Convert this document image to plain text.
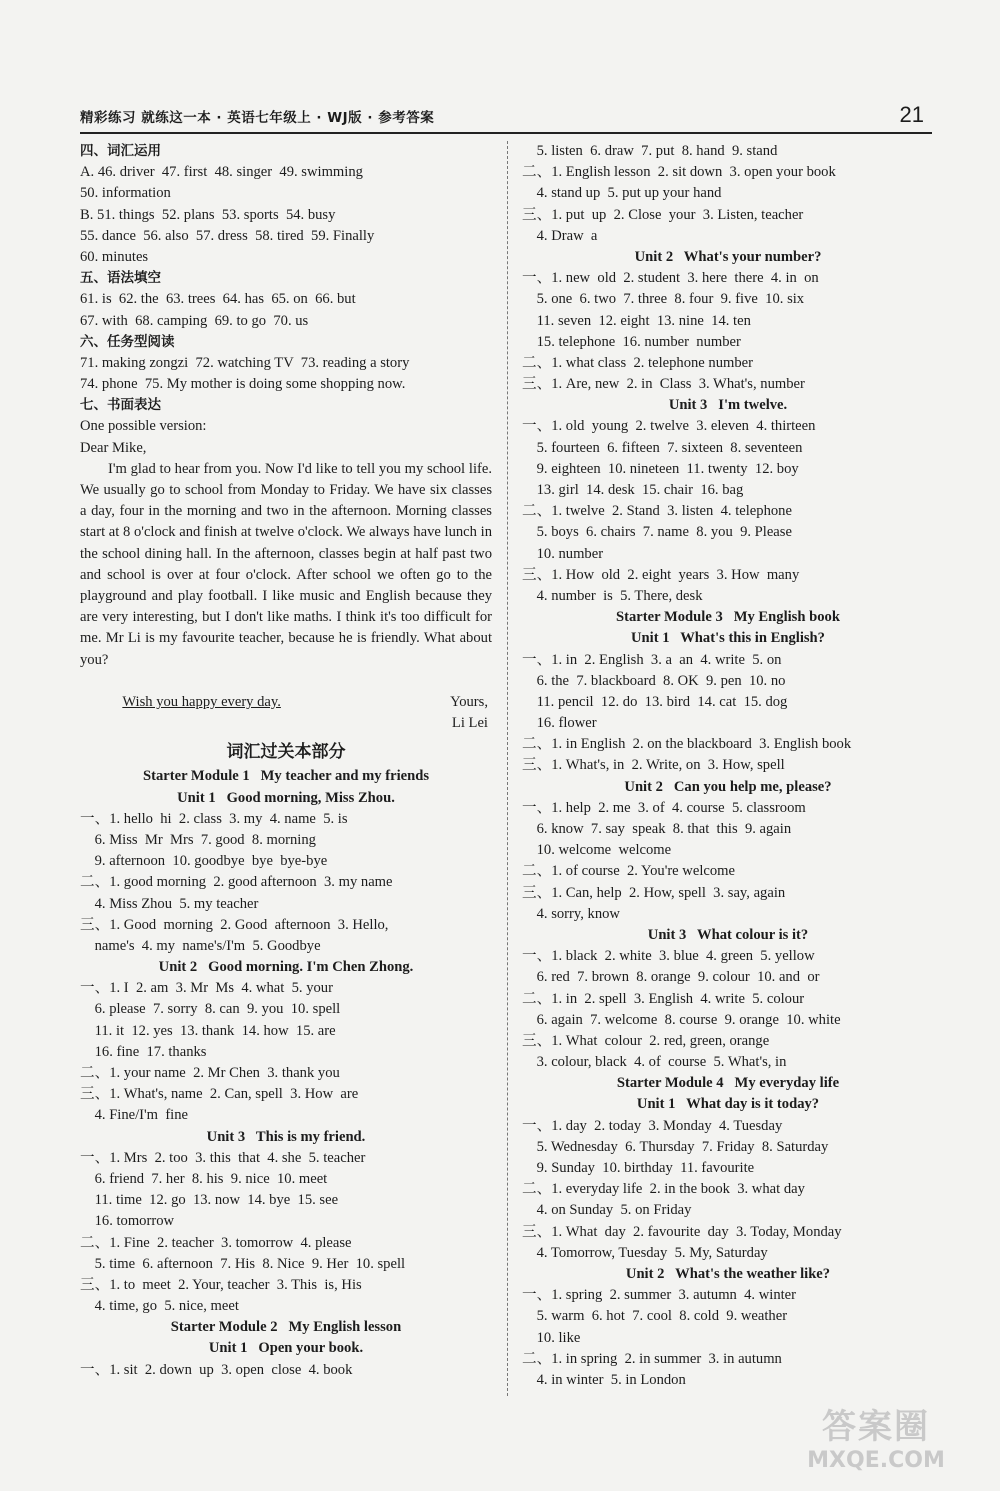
精彩练习 就练这一本 · 英语七年级上 · WJ版 · 参考答案	21
四、词汇运用
A. 46. driver  47. first  48. singer  49. swimming
50. information
B. 51. things  52. plans  53. sports  54. busy
55. dance  56. also  57. dress  58. tired  59. Finally
60. minutes
五、语法填空
61. is  62. the  63. trees  64. has  65. on  66. but
67. with  68. camping  69. to go  70. us
六、任务型阅读
71. making zongzi  72. watching TV  73. reading a story
74. phone  75. My mother is doing some shopping now.
七、书面表达
One possible version:
Dear Mike,
I'm glad to hear from you. Now I'd like to tell you my school life. We usually go to school from Monday to Friday. We have six classes a day, four in the morning and two in the afternoon. Morning classes start at 8 o'clock and finish at twelve o'clock. We always have lunch in the school dining hall. In the afternoon, classes begin at half past two and school is over at four o'clock. After school we often go to the playground and play football. I like music and English because they are very interesting, but I don't like maths. I think it's too difficult for me. Mr Li is my favourite teacher, because he is friendly. What about you?

Wish you happy every day.
	Yours,
Li Lei
词汇过关本部分
Starter Module 1   My teacher and my friends
Unit 1   Good morning, Miss Zhou.
一、1. hello  hi  2. class  3. my  4. name  5. is
6. Miss  Mr  Mrs  7. good  8. morning
9. afternoon  10. goodbye  bye  bye-bye
二、1. good morning  2. good afternoon  3. my name
4. Miss Zhou  5. my teacher
三、1. Good  morning  2. Good  afternoon  3. Hello,
name's  4. my  name's/I'm  5. Goodbye
Unit 2   Good morning. I'm Chen Zhong.
一、1. I  2. am  3. Mr  Ms  4. what  5. your
6. please  7. sorry  8. can  9. you  10. spell
11. it  12. yes  13. thank  14. how  15. are
16. fine  17. thanks
二、1. your name  2. Mr Chen  3. thank you
三、1. What's, name  2. Can, spell  3. How  are
4. Fine/I'm  fine
Unit 3   This is my friend.
一、1. Mrs  2. too  3. this  that  4. she  5. teacher
6. friend  7. her  8. his  9. nice  10. meet
11. time  12. go  13. now  14. bye  15. see
16. tomorrow
二、1. Fine  2. teacher  3. tomorrow  4. please
5. time  6. afternoon  7. His  8. Nice  9. Her  10. spell
三、1. to  meet  2. Your, teacher  3. This  is, His
4. time, go  5. nice, meet
Starter Module 2   My English lesson
Unit 1   Open your book.
一、1. sit  2. down  up  3. open  close  4. book
5. listen  6. draw  7. put  8. hand  9. stand
二、1. English lesson  2. sit down  3. open your book
4. stand up  5. put up your hand
三、1. put  up  2. Close  your  3. Listen, teacher
4. Draw  a
Unit 2   What's your number?
一、1. new  old  2. student  3. here  there  4. in  on
5. one  6. two  7. three  8. four  9. five  10. six
11. seven  12. eight  13. nine  14. ten
15. telephone  16. number  number
二、1. what class  2. telephone number
三、1. Are, new  2. in  Class  3. What's, number
Unit 3   I'm twelve.
一、1. old  young  2. twelve  3. eleven  4. thirteen
5. fourteen  6. fifteen  7. sixteen  8. seventeen
9. eighteen  10. nineteen  11. twenty  12. boy
13. girl  14. desk  15. chair  16. bag
二、1. twelve  2. Stand  3. listen  4. telephone
5. boys  6. chairs  7. name  8. you  9. Please
10. number
三、1. How  old  2. eight  years  3. How  many
4. number  is  5. There, desk
Starter Module 3   My English book
Unit 1   What's this in English?
一、1. in  2. English  3. a  an  4. write  5. on
6. the  7. blackboard  8. OK  9. pen  10. no
11. pencil  12. do  13. bird  14. cat  15. dog
16. flower
二、1. in English  2. on the blackboard  3. English book
三、1. What's, in  2. Write, on  3. How, spell
Unit 2   Can you help me, please?
一、1. help  2. me  3. of  4. course  5. classroom
6. know  7. say  speak  8. that  this  9. again
10. welcome  welcome
二、1. of course  2. You're welcome
三、1. Can, help  2. How, spell  3. say, again
4. sorry, know
Unit 3   What colour is it?
一、1. black  2. white  3. blue  4. green  5. yellow
6. red  7. brown  8. orange  9. colour  10. and  or
二、1. in  2. spell  3. English  4. write  5. colour
6. again  7. welcome  8. course  9. orange  10. white
三、1. What  colour  2. red, green, orange
3. colour, black  4. of  course  5. What's, in
Starter Module 4   My everyday life
Unit 1   What day is it today?
一、1. day  2. today  3. Monday  4. Tuesday
5. Wednesday  6. Thursday  7. Friday  8. Saturday
9. Sunday  10. birthday  11. favourite
二、1. everyday life  2. in the book  3. what day
4. on Sunday  5. on Friday
三、1. What  day  2. favourite  day  3. Today, Monday
4. Tomorrow, Tuesday  5. My, Saturday
Unit 2   What's the weather like?
一、1. spring  2. summer  3. autumn  4. winter
5. warm  6. hot  7. cool  8. cold  9. weather
10. like
二、1. in spring  2. in summer  3. in autumn
4. in winter  5. in London
答案圈
MXQE.COM
